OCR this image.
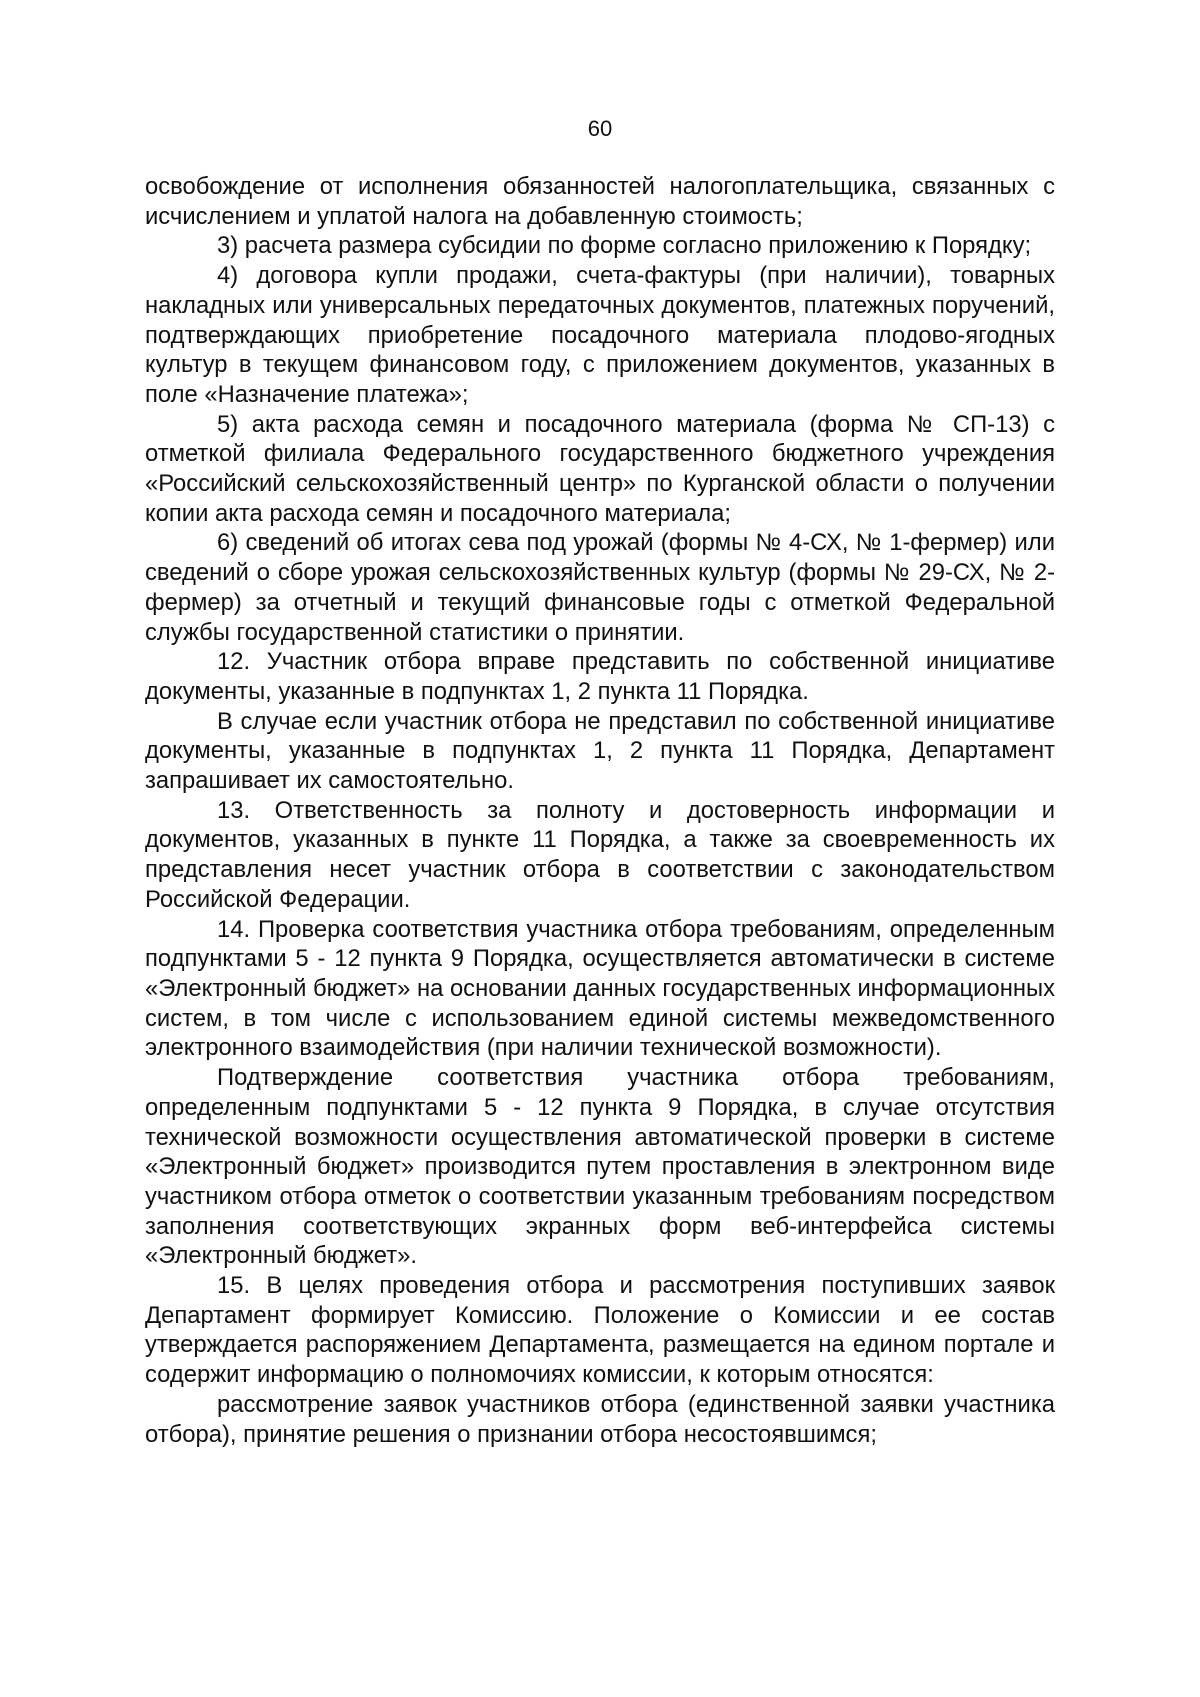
60

освобождение от исполнения обязанностей налогоплательщика, связанных с исчислением и уплатой налога на добавленную стоимость;

3) расчета размера субсидии по форме согласно приложению к Порядку;

4) договора купли продажи, счета-фактуры (при наличии), товарных накладных или универсальных передаточных документов, платежных поручений, подтверждающих приобретение посадочного материала плодово-ягодных культур в текущем финансовом году, с приложением документов, указанных в поле «Назначение платежа»;

5) акта расхода семян и посадочного материала (форма № СП-13) с отметкой филиала Федерального государственного бюджетного учреждения «Российский сельскохозяйственный центр» по Курганской области о получении копии акта расхода семян и посадочного материала;

6) сведений об итогах сева под урожай (формы № 4-СХ, № 1-фермер) или сведений о сборе урожая сельскохозяйственных культур (формы № 29-СХ, № 2-фермер) за отчетный и текущий финансовые годы с отметкой Федеральной службы государственной статистики о принятии.

12. Участник отбора вправе представить по собственной инициативе документы, указанные в подпунктах 1, 2 пункта 11 Порядка.

В случае если участник отбора не представил по собственной инициативе документы, указанные в подпунктах 1, 2 пункта 11 Порядка, Департамент запрашивает их самостоятельно.

13. Ответственность за полноту и достоверность информации и документов, указанных в пункте 11 Порядка, а также за своевременность их представления несет участник отбора в соответствии с законодательством Российской Федерации.

14. Проверка соответствия участника отбора требованиям, определенным подпунктами 5 - 12 пункта 9 Порядка, осуществляется автоматически в системе «Электронный бюджет» на основании данных государственных информационных систем, в том числе с использованием единой системы межведомственного электронного взаимодействия (при наличии технической возможности).

Подтверждение соответствия участника отбора требованиям, определенным подпунктами 5 - 12 пункта 9 Порядка, в случае отсутствия технической возможности осуществления автоматической проверки в системе «Электронный бюджет» производится путем проставления в электронном виде участником отбора отметок о соответствии указанным требованиям посредством заполнения соответствующих экранных форм веб-интерфейса системы «Электронный бюджет».

15. В целях проведения отбора и рассмотрения поступивших заявок Департамент формирует Комиссию. Положение о Комиссии и ее состав утверждается распоряжением Департамента, размещается на едином портале и содержит информацию о полномочиях комиссии, к которым относятся:

рассмотрение заявок участников отбора (единственной заявки участника отбора), принятие решения о признании отбора несостоявшимся;
